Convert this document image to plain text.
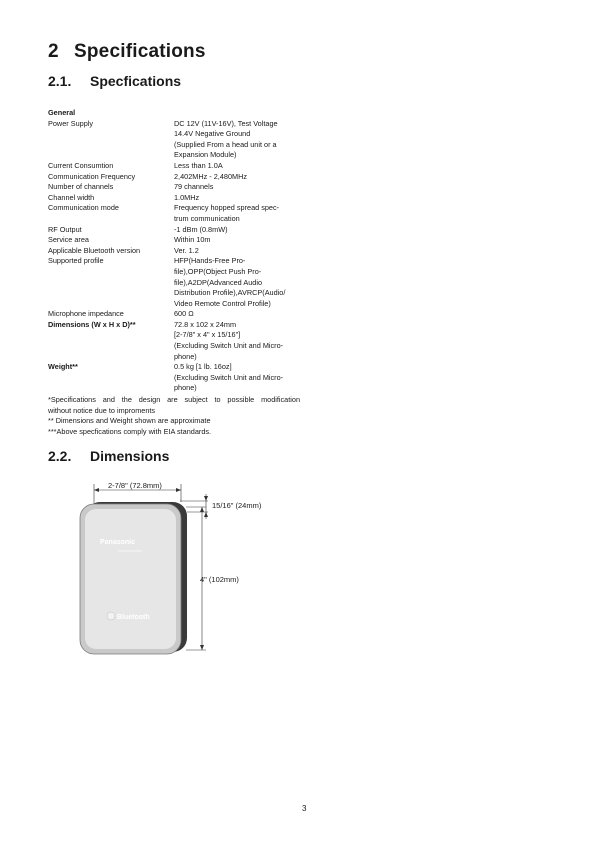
2 Specifications
2.1. Specfications
General
Power Supply	DC 12V (11V-16V), Test Voltage
14.4V Negative Ground
(Supplied From a head unit or a
Expansion Module)
Current Consumtion	Less than 1.0A
Communication Frequency	2,402MHz - 2,480MHz
Number of channels	79 channels
Channel width	1.0MHz
Communication mode	Frequency hopped spread spec-
trum communication
RF Output	-1 dBm (0.8mW)
Service area	Within 10m
Applicable Bluetooth version	Ver. 1.2
Supported profile	HFP(Hands-Free Pro-
file),OPP(Object Push Pro-
file),A2DP(Advanced Audio
Distribution Profile),AVRCP(Audio/
Video Remote Control Profile)
Microphone impedance	600 Ω
Dimensions (W x H x D)**	72.8 x 102 x 24mm
[2-7/8" x 4" x 15/16"]
(Excluding Switch Unit and Micro-
phone)
Weight**	0.5 kg [1 lb. 16oz]
(Excluding Switch Unit and Micro-
phone)
*Specifications and the design are subject to possible modification
without notice due to improments
** Dimensions and Weight shown are approximate
***Above specfications comply with EIA standards.
2.2. Dimensions
2-7/8" (72.8mm)
15/16" (24mm)
4" (102mm)
Panasonic
Bluetooth
3
